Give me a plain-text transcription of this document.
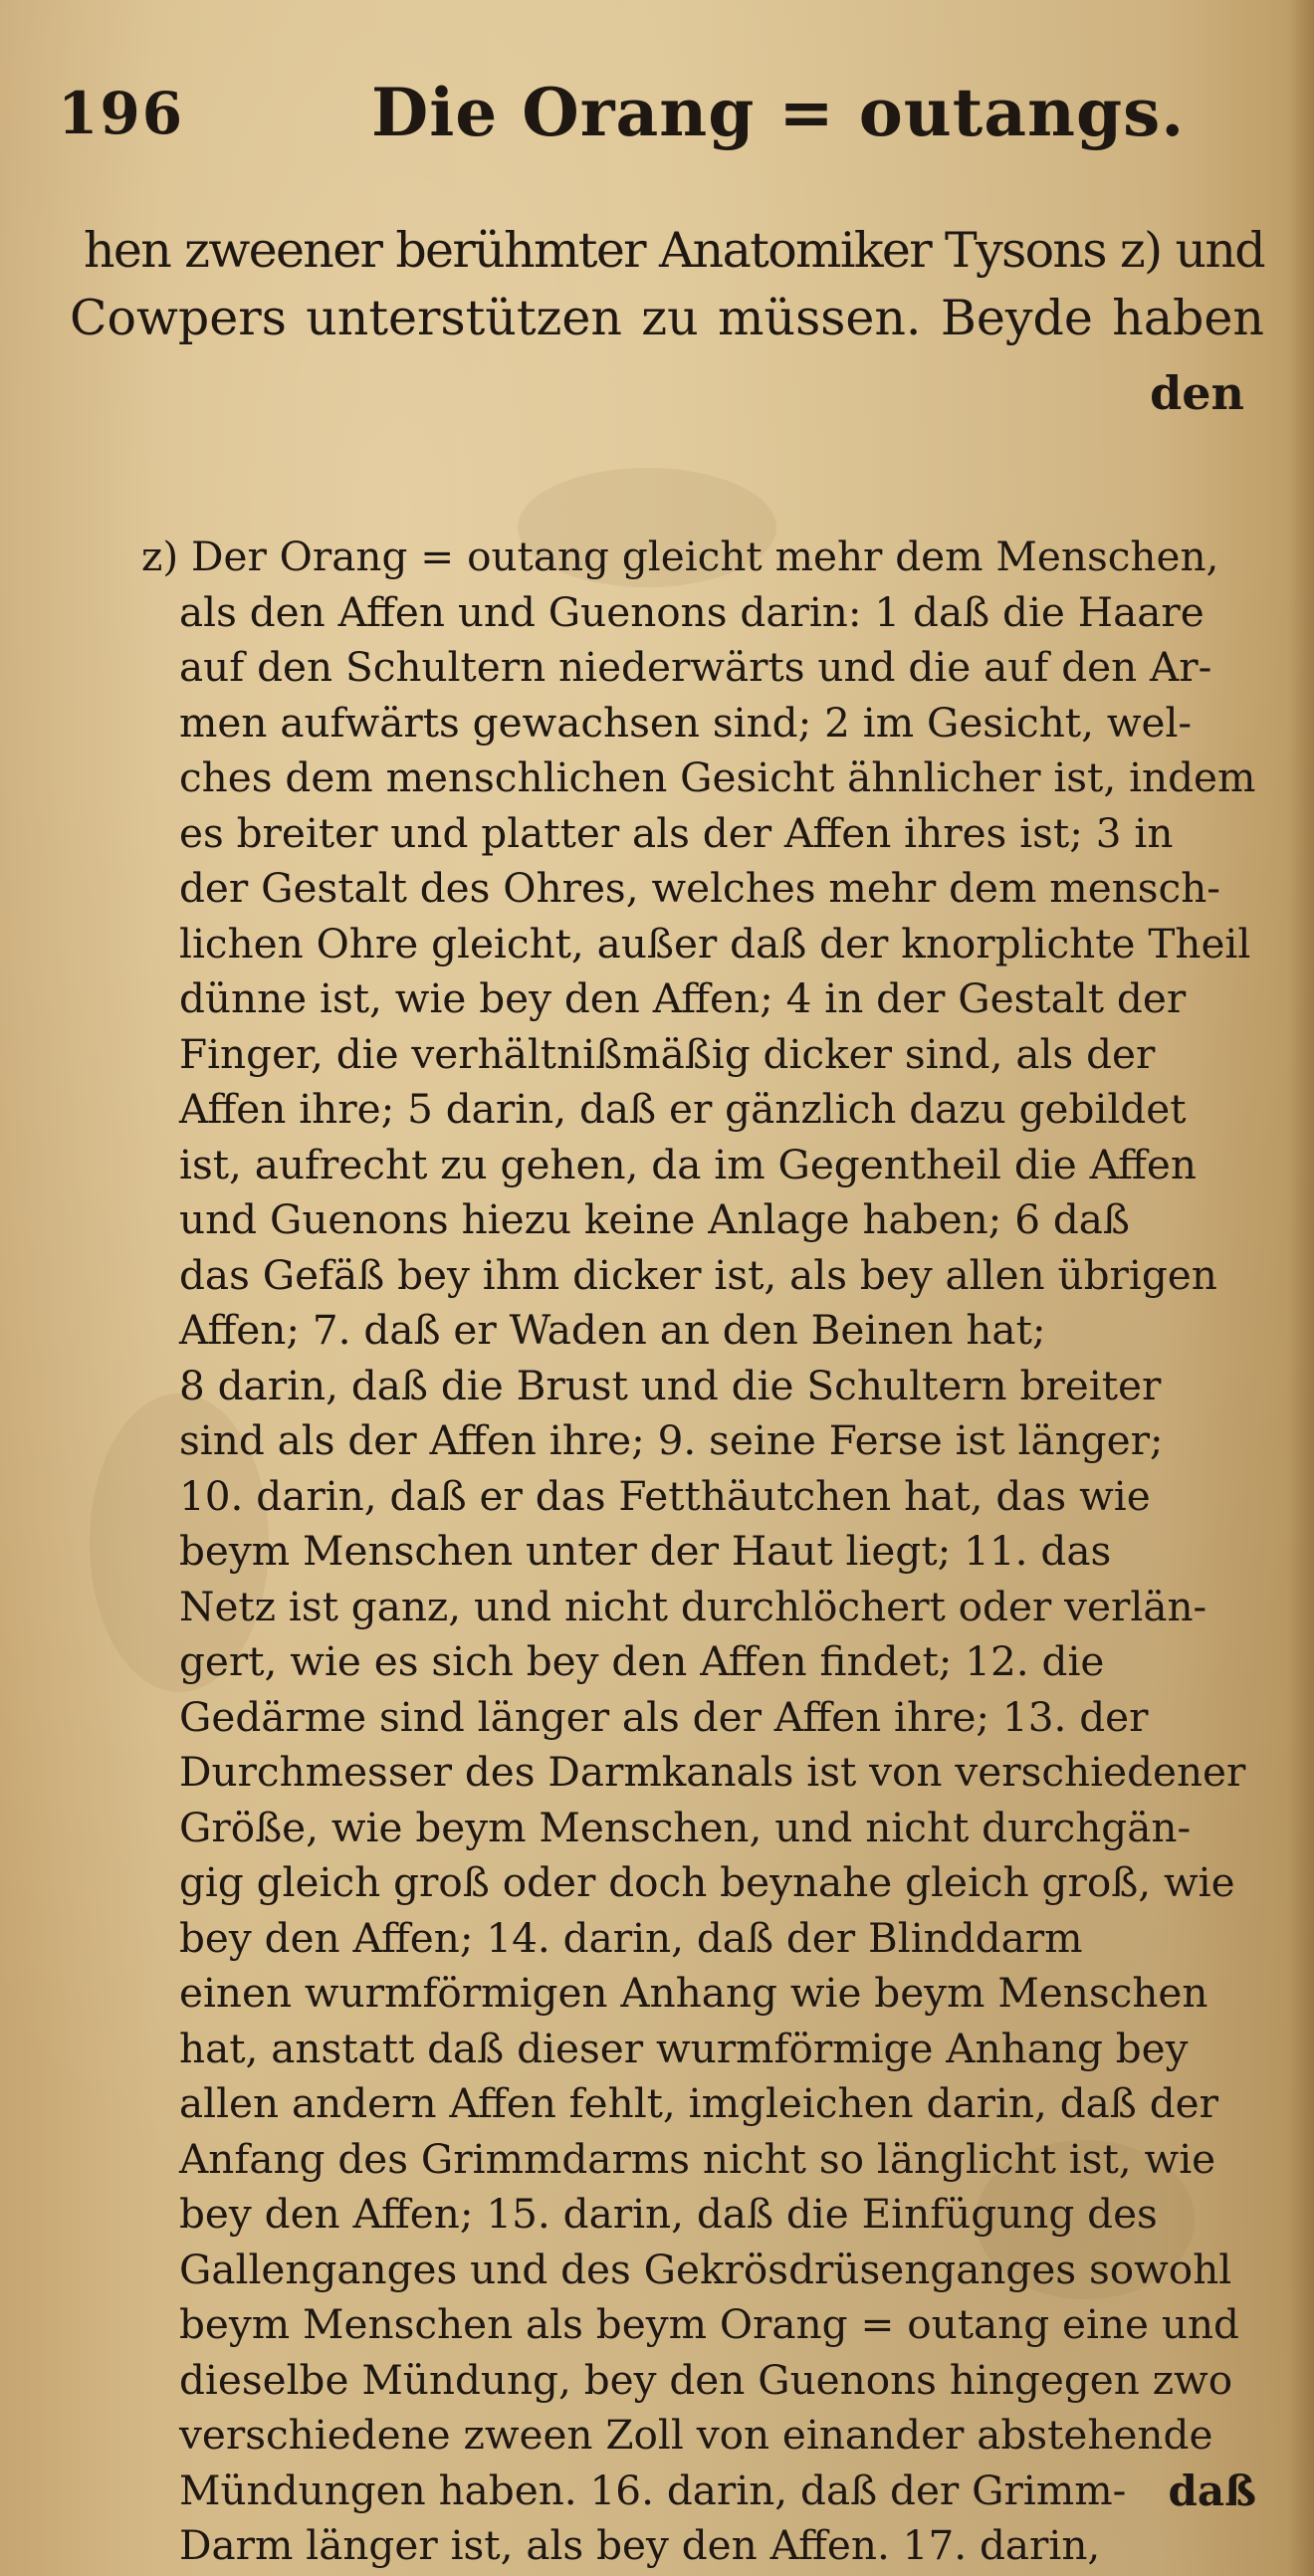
196	Die Orang = outangs.
hen zweener berühmter Anatomiker Tysons z) und
Cowpers unterstützen zu müssen. Beyde haben
den
z) Der Orang = outang gleicht mehr dem Menschen,
als den Affen und Guenons darin: 1 daß die Haare
auf den Schultern niederwärts und die auf den Ar-
men aufwärts gewachsen sind; 2 im Gesicht, wel-
ches dem menschlichen Gesicht ähnlicher ist, indem
es breiter und platter als der Affen ihres ist; 3 in
der Gestalt des Ohres, welches mehr dem mensch-
lichen Ohre gleicht, außer daß der knorplichte Theil
dünne ist, wie bey den Affen; 4 in der Gestalt der
Finger, die verhältnißmäßig dicker sind, als der
Affen ihre; 5 darin, daß er gänzlich dazu gebildet
ist, aufrecht zu gehen, da im Gegentheil die Affen
und Guenons hiezu keine Anlage haben; 6 daß
das Gefäß bey ihm dicker ist, als bey allen übrigen
Affen; 7. daß er Waden an den Beinen hat;
8 darin, daß die Brust und die Schultern breiter
sind als der Affen ihre; 9. seine Ferse ist länger;
10. darin, daß er das Fetthäutchen hat, das wie
beym Menschen unter der Haut liegt; 11. das
Netz ist ganz, und nicht durchlöchert oder verlän-
gert, wie es sich bey den Affen findet; 12. die
Gedärme sind länger als der Affen ihre; 13. der
Durchmesser des Darmkanals ist von verschiedener
Größe, wie beym Menschen, und nicht durchgän-
gig gleich groß oder doch beynahe gleich groß, wie
bey den Affen; 14. darin, daß der Blinddarm
einen wurmförmigen Anhang wie beym Menschen
hat, anstatt daß dieser wurmförmige Anhang bey
allen andern Affen fehlt, imgleichen darin, daß der
Anfang des Grimmdarms nicht so länglicht ist, wie
bey den Affen; 15. darin, daß die Einfügung des
Gallenganges und des Gekrösdrüsenganges sowohl
beym Menschen als beym Orang = outang eine und
dieselbe Mündung, bey den Guenons hingegen zwo
verschiedene zween Zoll von einander abstehende
Mündungen haben. 16. darin, daß der Grimm-
Darm länger ist, als bey den Affen. 17. darin,
daß
